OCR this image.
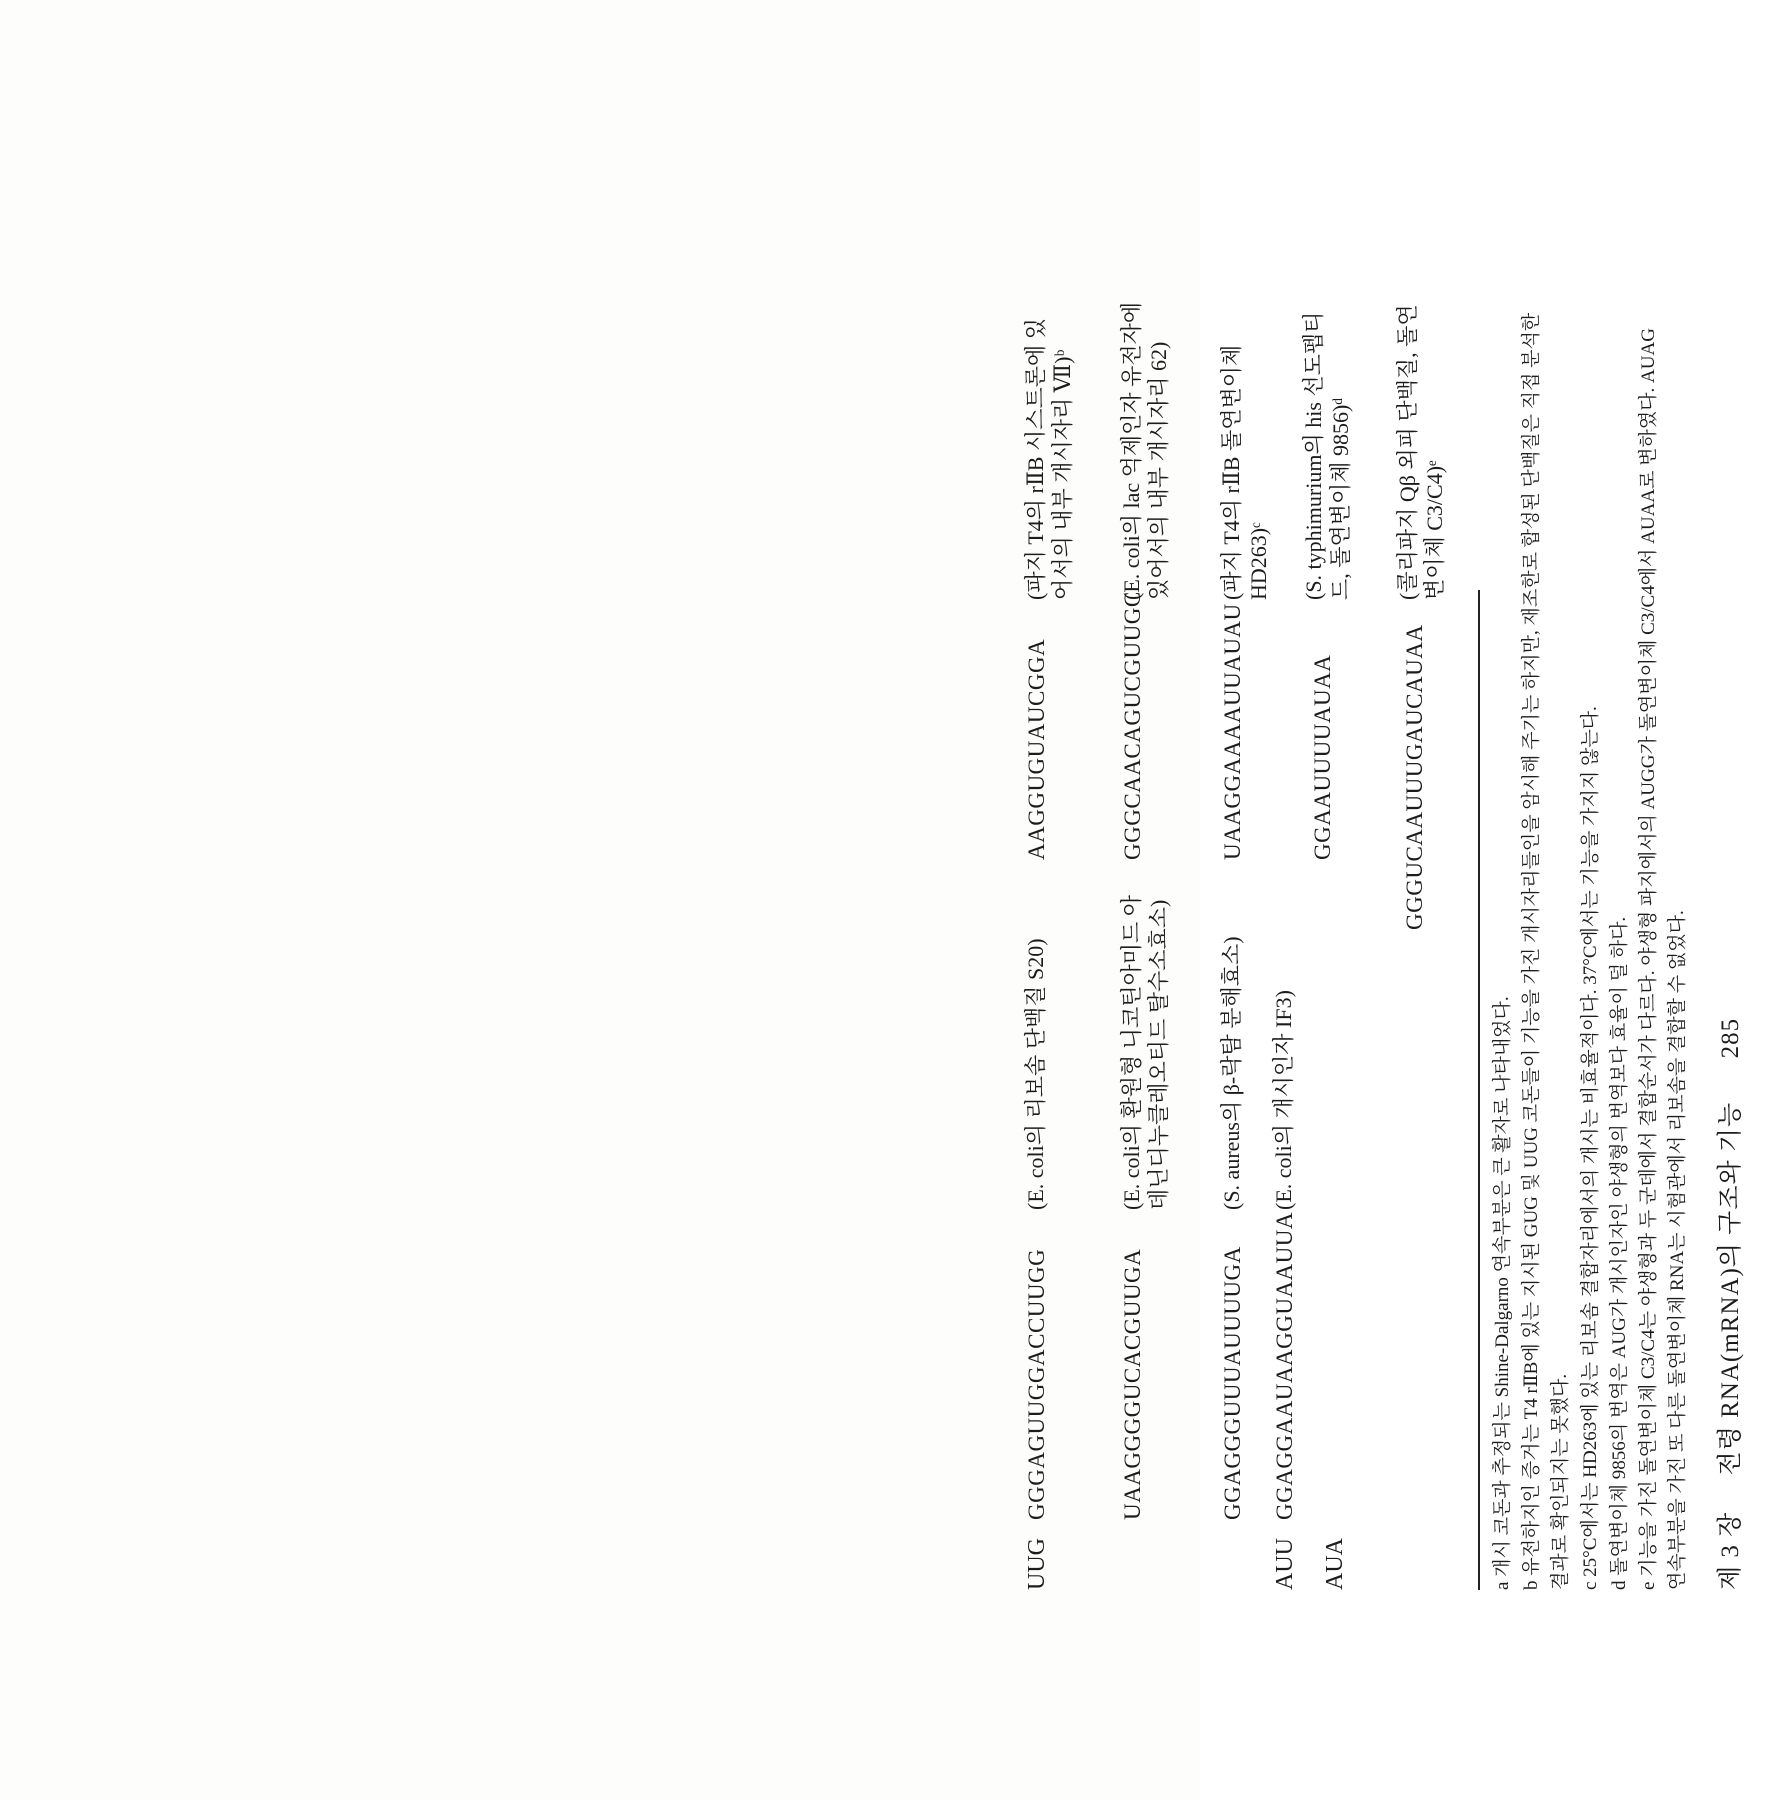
UUG
GGGAGUUGGACCUUGG
(E. coli의 리보솜 단백질 S20)
AAGGUGUAUCGGA
(파지 T4의 rⅡB 시스트론에 있어서의 내부 개시자리 Ⅶ)ᵇ
UAAGGGGUCACGUUGA
(E. coli의 환원형 니코틴아미드 아데닌디누클레오티드 탈수소효소)
GGGCAACAGUCGUUGC
(E. coli의 lac 억제인자 유전자에 있어서의 내부 개시자리 62)
GGAGGGUUUAUUUUGA
(S. aureus의 β-락탐 분해효소)
UAAGGAAAAUUAUAU
(파지 T4의 rⅡB 돌연변이체 HD263)ᶜ
AUU
GGAGGAAUAAGGUAAUUA
(E. coli의 개시인자 IF3)
GGAAUUUUAUAA
(S. typhimurium의 his 선도펩티드, 돌연변이체 9856)ᵈ
AUA
GGGUCAAUUUGAUCAUAA
(콜리파지 Qβ 외피 단백질, 돌연변이체 C3/C4)ᵉ
a 개시 코돈과 추정되는 Shine-Dalgarno 연속부분은 큰 활자로 나타내었다.
b 유전하지인 증거는 T4 rⅡB에 있는 지시된 GUG 및 UUG 코돈들이 기능을 가진 개시자리들인을 암시해 주기는 하지만, 재조한로 합성된 단백질은 직접 분석한 결과로 확인되지는 못했다. c 25°C에서는 HD263에 있는 리보솜 결합자리에서의 개시는 비효율적이다. 37°C에서는 기능을 가지지 않는다.
d 돌연변이체 9856의 번역은 AUG가 개시인자인 야생형의 번역보다 효율이 덜 하다.
e 기능을 가진 돌연변이체 C3/C4는 야생형과 두 군데에서 결합순서가 다르다. 야생형 파지에서의 AUGG가 돌연변이체 C3/C4에서 AUAA로 변하였다. AUAG 연속부분을 가진 또 다른 돌연변이체 RNA는 시험관에서 리보솜을 결합할 수 없었다. 제 3 장     전령 RNA(mRNA)의 구조와 기능      285
